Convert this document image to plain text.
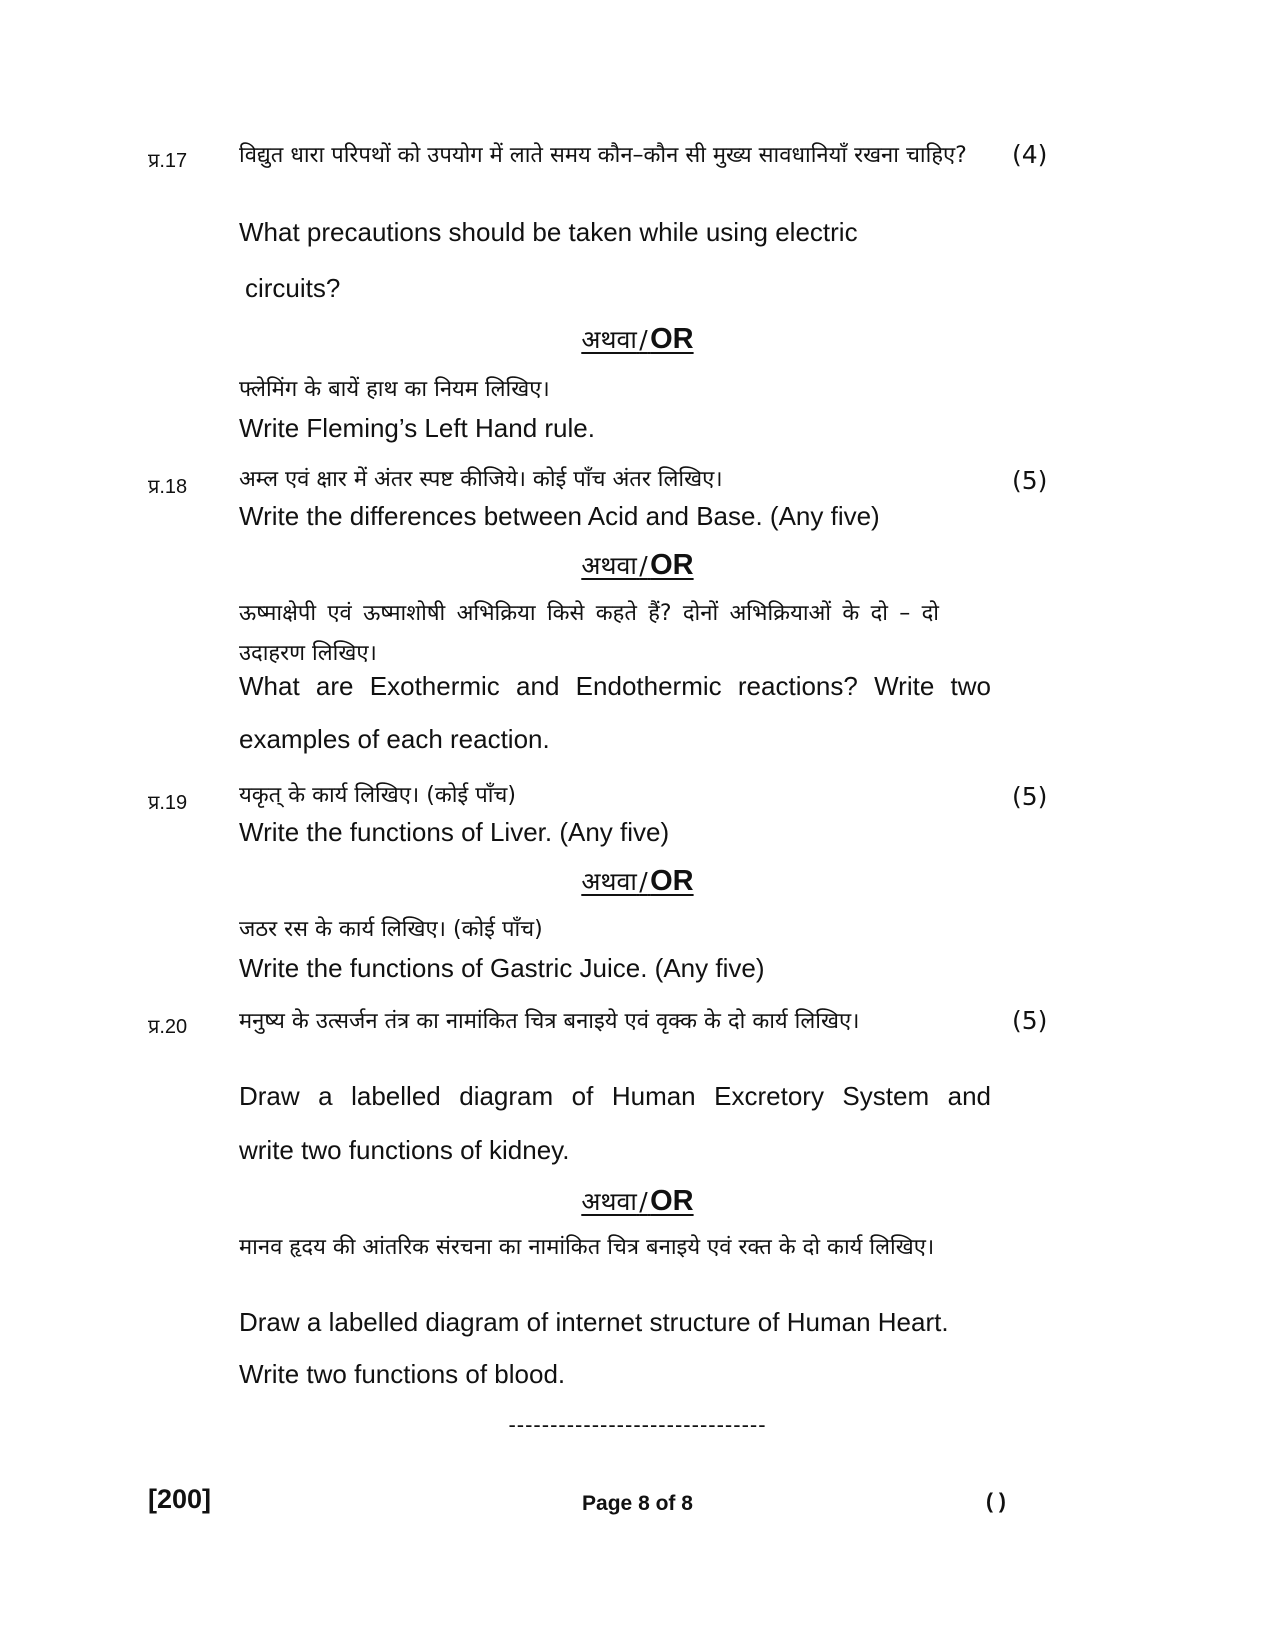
प्र.17	(4)
विद्युत धारा परिपथों को उपयोग में लाते समय कौन–कौन सी मुख्य सावधानियाँ रखना चाहिए?
What precautions should be taken while using electric
circuits?
अथवा / OR
फ्लेमिंग के बायें हाथ का नियम लिखिए।
Write Fleming’s Left Hand rule.
प्र.18	(5)
अम्ल एवं क्षार में अंतर स्पष्ट कीजिये। कोई पाँच अंतर लिखिए।
Write the differences between Acid and Base. (Any five)
अथवा / OR
ऊष्माक्षेपी एवं ऊष्माशोषी अभिक्रिया किसे कहते हैं? दोनों अभिक्रियाओं के दो – दो उदाहरण लिखिए।
What are Exothermic and Endothermic reactions? Write two
examples of each reaction.
प्र.19	(5)
यकृत् के कार्य लिखिए। (कोई पाँच)
Write the functions of Liver. (Any five)
अथवा / OR
जठर रस के कार्य लिखिए। (कोई पाँच)
Write the functions of Gastric Juice. (Any five)
प्र.20	(5)
मनुष्य के उत्सर्जन तंत्र का नामांकित चित्र बनाइये एवं वृक्क के दो कार्य लिखिए।
Draw a labelled diagram of Human Excretory System and
write two functions of kidney.
अथवा / OR
मानव हृदय की आंतरिक संरचना का नामांकित चित्र बनाइये एवं रक्त के दो कार्य लिखिए।
Draw a labelled diagram of internet structure of Human Heart.
Write two functions of blood.
-------------------------------
[200]	Page 8 of 8	( )
